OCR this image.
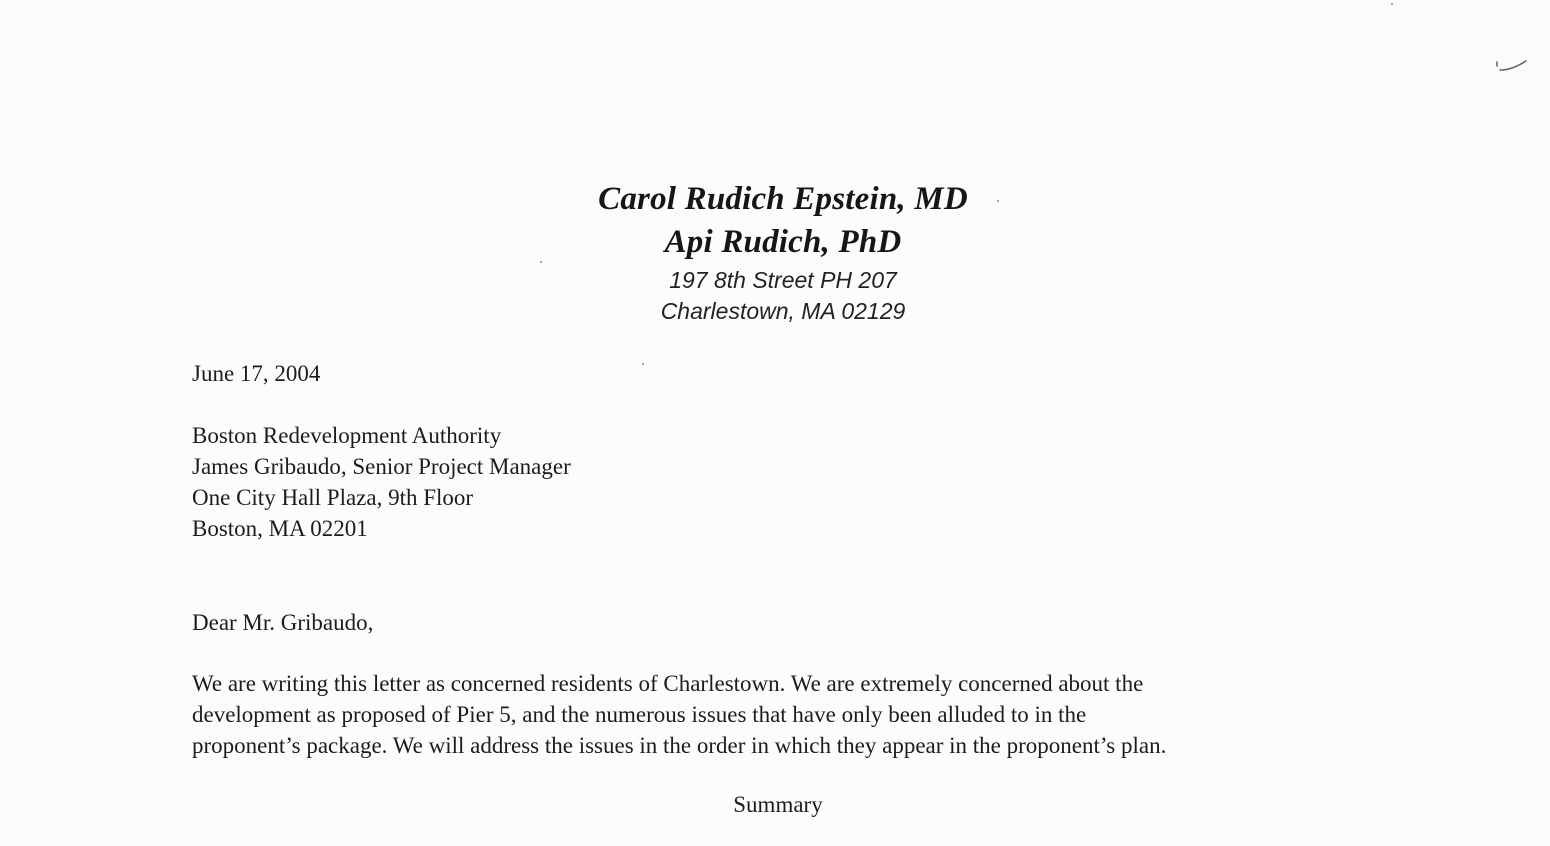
Carol Rudich Epstein, MD
Api Rudich, PhD
197 8th Street PH 207
Charlestown, MA 02129
June 17, 2004
Boston Redevelopment Authority
James Gribaudo, Senior Project Manager
One City Hall Plaza, 9th Floor
Boston, MA 02201
Dear Mr. Gribaudo,
We are writing this letter as concerned residents of Charlestown. We are extremely concerned about the
development as proposed of Pier 5, and the numerous issues that have only been alluded to in the
proponent’s package. We will address the issues in the order in which they appear in the proponent’s plan.
Summary
